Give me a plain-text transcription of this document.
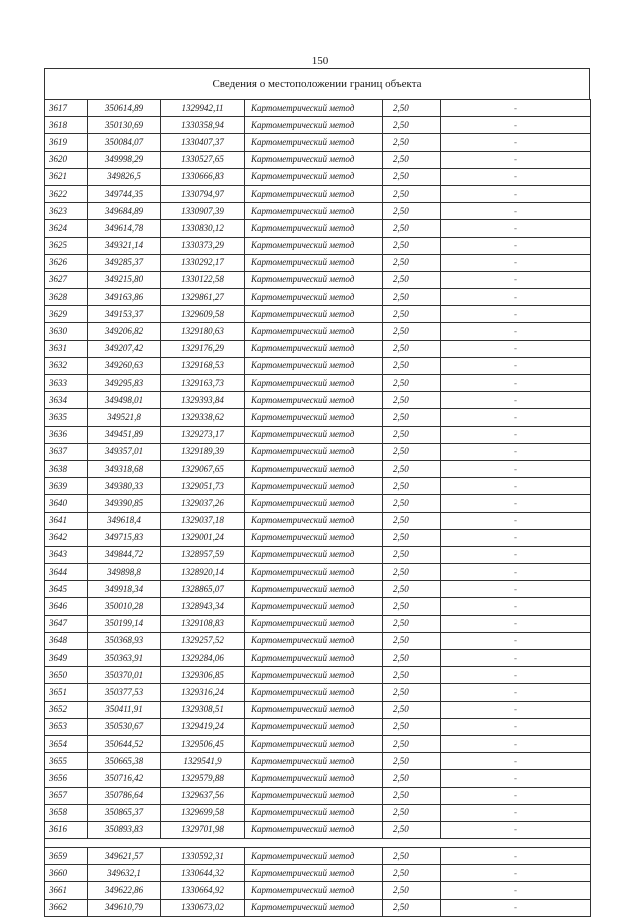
150
Сведения о местоположении границ объекта
3617	350614,89	1329942,11	Картометрический метод	2,50	-
3618	350130,69	1330358,94	Картометрический метод	2,50	-
3619	350084,07	1330407,37	Картометрический метод	2,50	-
3620	349998,29	1330527,65	Картометрический метод	2,50	-
3621	349826,5	1330666,83	Картометрический метод	2,50	-
3622	349744,35	1330794,97	Картометрический метод	2,50	-
3623	349684,89	1330907,39	Картометрический метод	2,50	-
3624	349614,78	1330830,12	Картометрический метод	2,50	-
3625	349321,14	1330373,29	Картометрический метод	2,50	-
3626	349285,37	1330292,17	Картометрический метод	2,50	-
3627	349215,80	1330122,58	Картометрический метод	2,50	-
3628	349163,86	1329861,27	Картометрический метод	2,50	-
3629	349153,37	1329609,58	Картометрический метод	2,50	-
3630	349206,82	1329180,63	Картометрический метод	2,50	-
3631	349207,42	1329176,29	Картометрический метод	2,50	-
3632	349260,63	1329168,53	Картометрический метод	2,50	-
3633	349295,83	1329163,73	Картометрический метод	2,50	-
3634	349498,01	1329393,84	Картометрический метод	2,50	-
3635	349521,8	1329338,62	Картометрический метод	2,50	-
3636	349451,89	1329273,17	Картометрический метод	2,50	-
3637	349357,01	1329189,39	Картометрический метод	2,50	-
3638	349318,68	1329067,65	Картометрический метод	2,50	-
3639	349380,33	1329051,73	Картометрический метод	2,50	-
3640	349390,85	1329037,26	Картометрический метод	2,50	-
3641	349618,4	1329037,18	Картометрический метод	2,50	-
3642	349715,83	1329001,24	Картометрический метод	2,50	-
3643	349844,72	1328957,59	Картометрический метод	2,50	-
3644	349898,8	1328920,14	Картометрический метод	2,50	-
3645	349918,34	1328865,07	Картометрический метод	2,50	-
3646	350010,28	1328943,34	Картометрический метод	2,50	-
3647	350199,14	1329108,83	Картометрический метод	2,50	-
3648	350368,93	1329257,52	Картометрический метод	2,50	-
3649	350363,91	1329284,06	Картометрический метод	2,50	-
3650	350370,01	1329306,85	Картометрический метод	2,50	-
3651	350377,53	1329316,24	Картометрический метод	2,50	-
3652	350411,91	1329308,51	Картометрический метод	2,50	-
3653	350530,67	1329419,24	Картометрический метод	2,50	-
3654	350644,52	1329506,45	Картометрический метод	2,50	-
3655	350665,38	1329541,9	Картометрический метод	2,50	-
3656	350716,42	1329579,88	Картометрический метод	2,50	-
3657	350786,64	1329637,56	Картометрический метод	2,50	-
3658	350865,37	1329699,58	Картометрический метод	2,50	-
3616	350893,83	1329701,98	Картометрический метод	2,50	-

3659	349621,57	1330592,31	Картометрический метод	2,50	-
3660	349632,1	1330644,32	Картометрический метод	2,50	-
3661	349622,86	1330664,92	Картометрический метод	2,50	-
3662	349610,79	1330673,02	Картометрический метод	2,50	-
